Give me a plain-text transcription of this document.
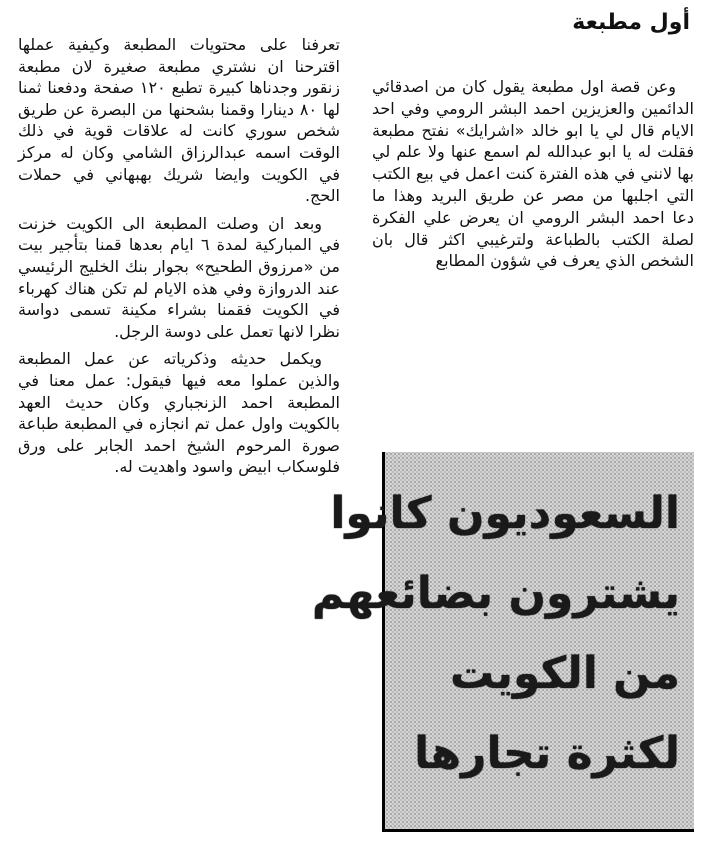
أول مطبعة

وعن قصة اول مطبعة يقول كان من اصدقائي الدائمين والعزيزين احمد البشر الرومي وفي احد الايام قال لي يا ابو خالد «اشرايك» نفتح مطبعة فقلت له يا ابو عبدالله لم اسمع عنها ولا علم لي بها لانني في هذه الفترة كنت اعمل في بيع الكتب التي اجلبها من مصر عن طريق البريد وهذا ما دعا احمد البشر الرومي ان يعرض علي الفكرة لصلة الكتب بالطباعة ولترغيبي اكثر قال بان الشخص الذي يعرف في شؤون المطابع

السعوديون كانوا
يشترون بضائعهم
من الكويت
لكثرة تجارها

تعرفنا على محتويات المطبعة وكيفية عملها اقترحنا ان نشتري مطبعة صغيرة لان مطبعة زنقور وجدناها كبيرة تطبع ١٢٠ صفحة ودفعنا ثمنا لها ٨٠ دينارا وقمنا بشحنها من البصرة عن طريق شخص سوري كانت له علاقات قوية في ذلك الوقت اسمه عبدالرزاق الشامي وكان له مركز في الكويت وايضا شريك بهبهاني في حملات الحج.

وبعد ان وصلت المطبعة الى الكويت خزنت في المباركية لمدة ٦ ايام بعدها قمنا بتأجير بيت من «مرزوق الطحيح» بجوار بنك الخليج الرئيسي عند الدروازة وفي هذه الايام لم تكن هناك كهرباء في الكويت فقمنا بشراء مكينة تسمى دواسة نظرا لانها تعمل على دوسة الرجل.

ويكمل حديثه وذكرياته عن عمل المطبعة والذين عملوا معه فيها فيقول: عمل معنا في المطبعة احمد الزنجباري وكان حديث العهد بالكويت واول عمل تم انجازه في المطبعة طباعة صورة المرحوم الشيخ احمد الجابر على ورق فلوسكاب ابيض واسود واهديت له.
